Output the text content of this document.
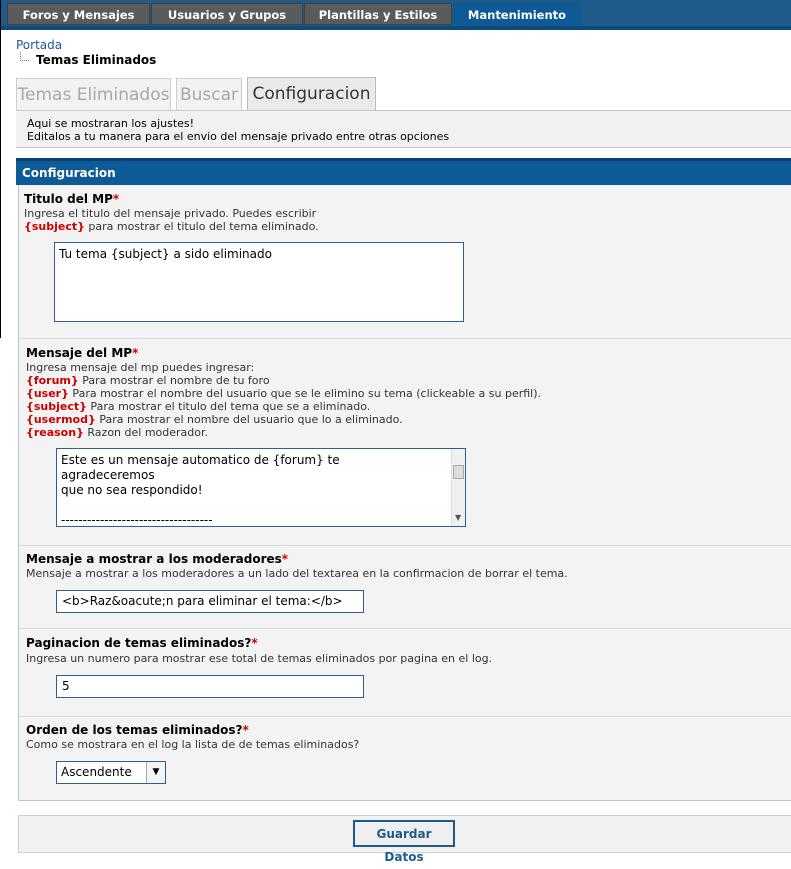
Foros y Mensajes	Usuarios y Grupos	Plantillas y Estilos	Mantenimiento
Portada
Temas Eliminados
Temas Eliminados Buscar Configuracion
Aqui se mostraran los ajustes!
Editalos a tu manera para el envio del mensaje privado entre otras opciones
Configuracion
Titulo del MP*
Ingresa el titulo del mensaje privado. Puedes escribir
{subject} para mostrar el titulo del tema eliminado.
Tu tema {subject} a sido eliminado
Mensaje del MP*
Ingresa mensaje del mp puedes ingresar:
{forum} Para mostrar el nombre de tu foro
{user} Para mostrar el nombre del usuario que se le elimino su tema (clickeable a su perfil).
{subject} Para mostrar el titulo del tema que se a eliminado.
{usermod} Para mostrar el nombre del usuario que lo a eliminado.
{reason} Razon del moderador.
Este es un mensaje automatico de {forum} te
agradeceremos
que no sea respondido!
-----------------------------------	▼
Mensaje a mostrar a los moderadores*
Mensaje a mostrar a los moderadores a un lado del textarea en la confirmacion de borrar el tema.
<b>Raz&oacute;n para eliminar el tema:</b>
Paginacion de temas eliminados?*
Ingresa un numero para mostrar ese total de temas eliminados por pagina en el log.
5
Orden de los temas eliminados?*
Como se mostrara en el log la lista de de temas eliminados?
Ascendente	▼
Guardar Datos
